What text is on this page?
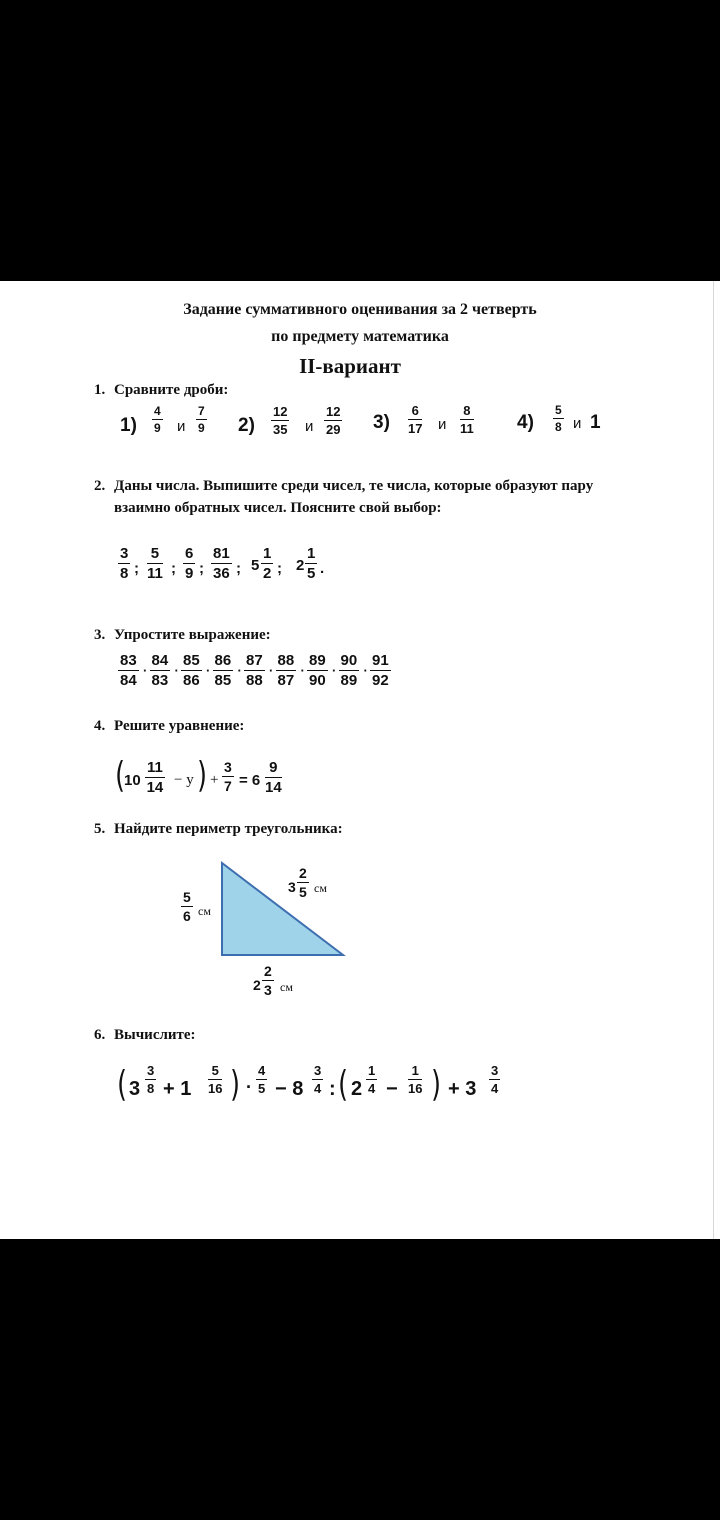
Задание суммативного оценивания за 2 четверть
по предмету математика
II-вариант
1. Сравните дроби:
$1) \frac{4}{9}$ и $\frac{7}{9} 2) \frac{12}{35}$ и $\frac{12}{29} 3) \frac{6}{17}$ и $\frac{8}{11} 4) \frac{5}{8}$ и 1
2. Даны числа. Выпишите среди чисел, те числа, которые образуют пару
взаимно обратных чисел. Поясните свой выбор:
$\frac{3}{8}$ ; $\frac{5}{11}$ ; $\frac{6}{9}$ ; $\frac{81}{36}$ ; $5 \frac{1}{2}$ ; $2 \frac{1}{5}$ .
3. Упростите выражение:
$\frac{83}{84} \cdot \frac{84}{83} \cdot \frac{85}{86} \cdot \frac{86}{85} \cdot \frac{87}{88} \cdot \frac{88}{87} \cdot \frac{89}{90} \cdot \frac{90}{89} \cdot \frac{91}{92}$
4. Решите уравнение:
( $10 \frac{11}{14} - у$ ) + $\frac{3}{7} = 6 \frac{9}{14}$
5. Найдите периметр треугольника:
$\frac{5}{6}$ см
$3 \frac{2}{5}$ см
$2 \frac{2}{3}$ см
6. Вычислите:
( $3 \frac{3}{8} + 1 \frac{5}{16}$ ) · $\frac{4}{5} - 8 \frac{3}{4}$ : ( $2 \frac{1}{4} - \frac{1}{16}$ ) + $3 \frac{3}{4}$
